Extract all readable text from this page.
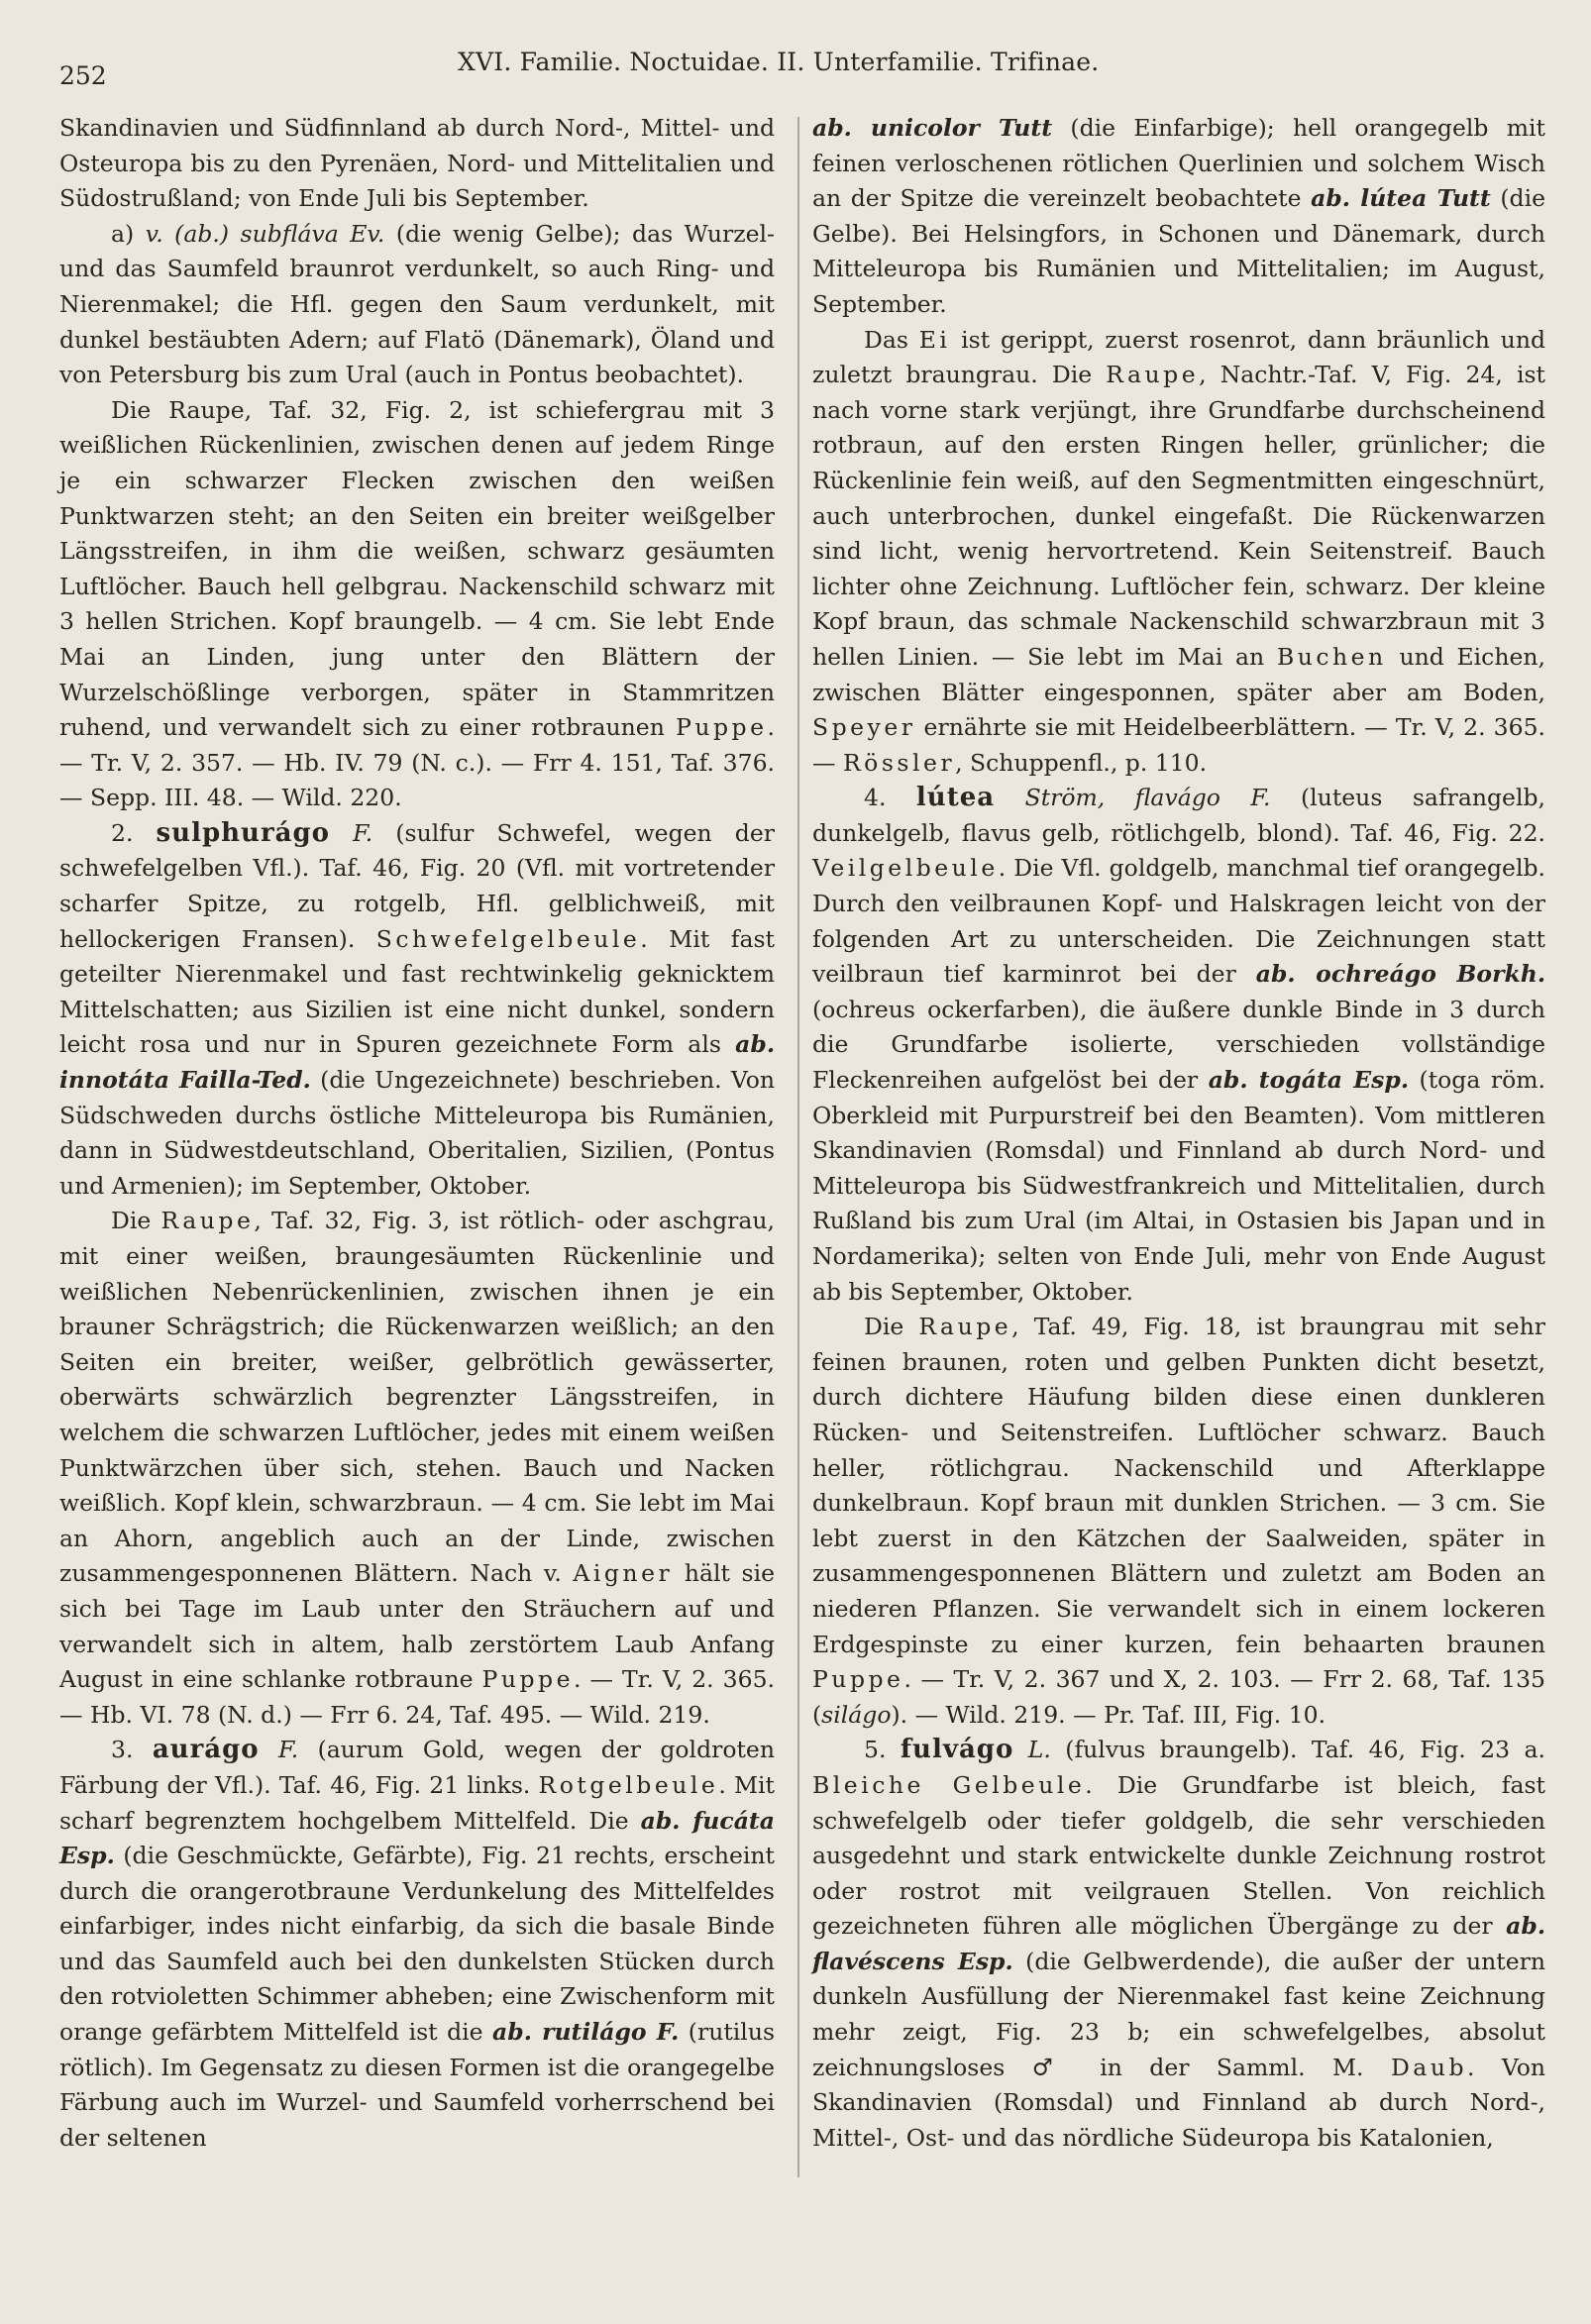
252	XVI. Familie. Noctuidae. II. Unterfamilie. Trifinae.

Skandinavien und Südfinnland ab durch Nord-, Mittel- und Osteuropa bis zu den Pyrenäen, Nord- und Mittelitalien und Südostrußland; von Ende Juli bis September.

a) v. (ab.) subfláva Ev. (die wenig Gelbe); das Wurzel- und das Saumfeld braunrot verdunkelt, so auch Ring- und Nierenmakel; die Hfl. gegen den Saum verdunkelt, mit dunkel bestäubten Adern; auf Flatö (Dänemark), Öland und von Petersburg bis zum Ural (auch in Pontus beobachtet).

Die Raupe, Taf. 32, Fig. 2, ist schiefergrau mit 3 weißlichen Rückenlinien, zwischen denen auf jedem Ringe je ein schwarzer Flecken zwischen den weißen Punktwarzen steht; an den Seiten ein breiter weißgelber Längsstreifen, in ihm die weißen, schwarz gesäumten Luftlöcher. Bauch hell gelbgrau. Nackenschild schwarz mit 3 hellen Strichen. Kopf braungelb. — 4 cm. Sie lebt Ende Mai an Linden, jung unter den Blättern der Wurzelschößlinge verborgen, später in Stammritzen ruhend, und verwandelt sich zu einer rotbraunen Puppe. — Tr. V, 2. 357. — Hb. IV. 79 (N. c.). — Frr 4. 151, Taf. 376. — Sepp. III. 48. — Wild. 220.

2. sulphurágo F. (sulfur Schwefel, wegen der schwefelgelben Vfl.). Taf. 46, Fig. 20 (Vfl. mit vortretender scharfer Spitze, zu rotgelb, Hfl. gelblichweiß, mit hellockerigen Fransen). Schwefelgelbeule. Mit fast geteilter Nierenmakel und fast rechtwinkelig geknicktem Mittelschatten; aus Sizilien ist eine nicht dunkel, sondern leicht rosa und nur in Spuren gezeichnete Form als ab. innotáta Failla-Ted. (die Ungezeichnete) beschrieben. Von Südschweden durchs östliche Mitteleuropa bis Rumänien, dann in Südwestdeutschland, Oberitalien, Sizilien, (Pontus und Armenien); im September, Oktober.

Die Raupe, Taf. 32, Fig. 3, ist rötlich- oder aschgrau, mit einer weißen, braungesäumten Rückenlinie und weißlichen Nebenrückenlinien, zwischen ihnen je ein brauner Schrägstrich; die Rückenwarzen weißlich; an den Seiten ein breiter, weißer, gelbrötlich gewässerter, oberwärts schwärzlich begrenzter Längsstreifen, in welchem die schwarzen Luftlöcher, jedes mit einem weißen Punktwärzchen über sich, stehen. Bauch und Nacken weißlich. Kopf klein, schwarzbraun. — 4 cm. Sie lebt im Mai an Ahorn, angeblich auch an der Linde, zwischen zusammengesponnenen Blättern. Nach v. Aigner hält sie sich bei Tage im Laub unter den Sträuchern auf und verwandelt sich in altem, halb zerstörtem Laub Anfang August in eine schlanke rotbraune Puppe. — Tr. V, 2. 365. — Hb. VI. 78 (N. d.) — Frr 6. 24, Taf. 495. — Wild. 219.

3. aurágo F. (aurum Gold, wegen der goldroten Färbung der Vfl.). Taf. 46, Fig. 21 links. Rotgelbeule. Mit scharf begrenztem hochgelbem Mittelfeld. Die ab. fucáta Esp. (die Geschmückte, Gefärbte), Fig. 21 rechts, erscheint durch die orangerotbraune Verdunkelung des Mittelfeldes einfarbiger, indes nicht einfarbig, da sich die basale Binde und das Saumfeld auch bei den dunkelsten Stücken durch den rotvioletten Schimmer abheben; eine Zwischenform mit orange gefärbtem Mittelfeld ist die ab. rutilágo F. (rutilus rötlich). Im Gegensatz zu diesen Formen ist die orangegelbe Färbung auch im Wurzel- und Saumfeld vorherrschend bei der seltenen

ab. unicolor Tutt (die Einfarbige); hell orangegelb mit feinen verloschenen rötlichen Querlinien und solchem Wisch an der Spitze die vereinzelt beobachtete ab. lútea Tutt (die Gelbe). Bei Helsingfors, in Schonen und Dänemark, durch Mitteleuropa bis Rumänien und Mittelitalien; im August, September.

Das Ei ist gerippt, zuerst rosenrot, dann bräunlich und zuletzt braungrau. Die Raupe, Nachtr.-Taf. V, Fig. 24, ist nach vorne stark verjüngt, ihre Grundfarbe durchscheinend rotbraun, auf den ersten Ringen heller, grünlicher; die Rückenlinie fein weiß, auf den Segmentmitten eingeschnürt, auch unterbrochen, dunkel eingefaßt. Die Rückenwarzen sind licht, wenig hervortretend. Kein Seitenstreif. Bauch lichter ohne Zeichnung. Luftlöcher fein, schwarz. Der kleine Kopf braun, das schmale Nackenschild schwarzbraun mit 3 hellen Linien. — Sie lebt im Mai an Buchen und Eichen, zwischen Blätter eingesponnen, später aber am Boden, Speyer ernährte sie mit Heidelbeerblättern. — Tr. V, 2. 365. — Rössler, Schuppenfl., p. 110.

4. lútea Ström, flavágo F. (luteus safrangelb, dunkelgelb, flavus gelb, rötlichgelb, blond). Taf. 46, Fig. 22. Veilgelbeule. Die Vfl. goldgelb, manchmal tief orangegelb. Durch den veilbraunen Kopf- und Halskragen leicht von der folgenden Art zu unterscheiden. Die Zeichnungen statt veilbraun tief karminrot bei der ab. ochreágo Borkh. (ochreus ockerfarben), die äußere dunkle Binde in 3 durch die Grundfarbe isolierte, verschieden vollständige Fleckenreihen aufgelöst bei der ab. togáta Esp. (toga röm. Oberkleid mit Purpurstreif bei den Beamten). Vom mittleren Skandinavien (Romsdal) und Finnland ab durch Nord- und Mitteleuropa bis Südwestfrankreich und Mittelitalien, durch Rußland bis zum Ural (im Altai, in Ostasien bis Japan und in Nordamerika); selten von Ende Juli, mehr von Ende August ab bis September, Oktober.

Die Raupe, Taf. 49, Fig. 18, ist braungrau mit sehr feinen braunen, roten und gelben Punkten dicht besetzt, durch dichtere Häufung bilden diese einen dunkleren Rücken- und Seitenstreifen. Luftlöcher schwarz. Bauch heller, rötlichgrau. Nackenschild und Afterklappe dunkelbraun. Kopf braun mit dunklen Strichen. — 3 cm. Sie lebt zuerst in den Kätzchen der Saalweiden, später in zusammengesponnenen Blättern und zuletzt am Boden an niederen Pflanzen. Sie verwandelt sich in einem lockeren Erdgespinste zu einer kurzen, fein behaarten braunen Puppe. — Tr. V, 2. 367 und X, 2. 103. — Frr 2. 68, Taf. 135 (silágo). — Wild. 219. — Pr. Taf. III, Fig. 10.

5. fulvágo L. (fulvus braungelb). Taf. 46, Fig. 23 a. Bleiche Gelbeule. Die Grundfarbe ist bleich, fast schwefelgelb oder tiefer goldgelb, die sehr verschieden ausgedehnt und stark entwickelte dunkle Zeichnung rostrot oder rostrot mit veilgrauen Stellen. Von reichlich gezeichneten führen alle möglichen Übergänge zu der ab. flavéscens Esp. (die Gelbwerdende), die außer der untern dunkeln Ausfüllung der Nierenmakel fast keine Zeichnung mehr zeigt, Fig. 23 b; ein schwefelgelbes, absolut zeichnungsloses ♂ in der Samml. M. Daub. Von Skandinavien (Romsdal) und Finnland ab durch Nord-, Mittel-, Ost- und das nördliche Südeuropa bis Katalonien,
